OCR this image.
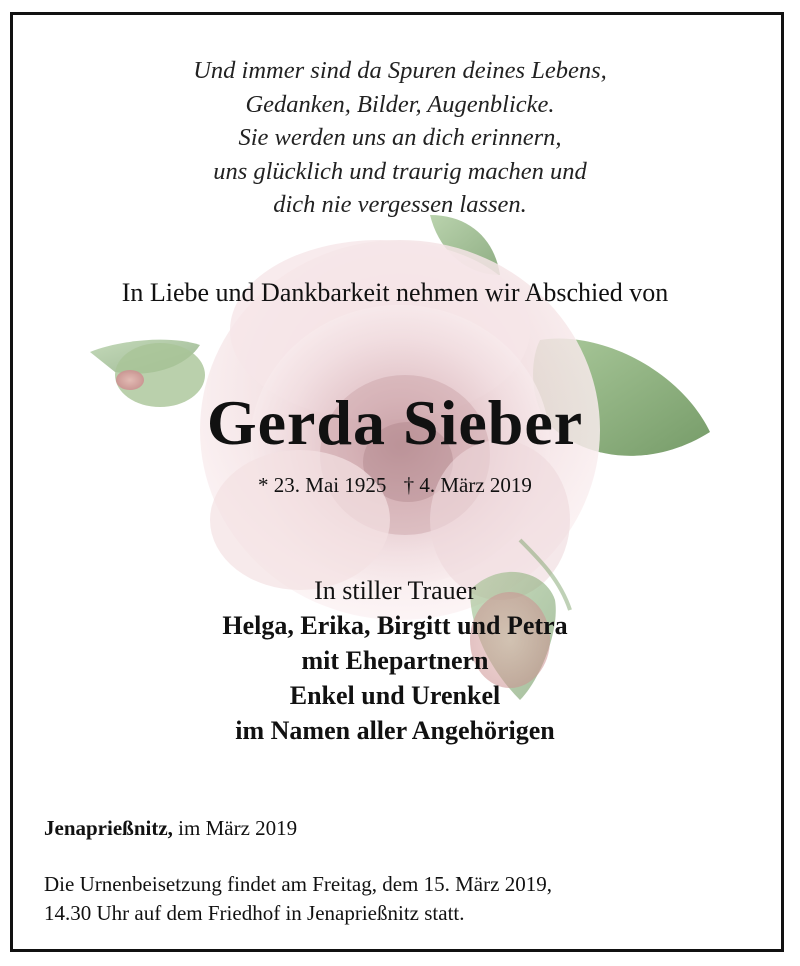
Und immer sind da Spuren deines Lebens,
Gedanken, Bilder, Augenblicke.
Sie werden uns an dich erinnern,
uns glücklich und traurig machen und
dich nie vergessen lassen.
In Liebe und Dankbarkeit nehmen wir Abschied von
Gerda Sieber
* 23. Mai 1925 † 4. März 2019
In stiller Trauer
Helga, Erika, Birgitt und Petra
mit Ehepartnern
Enkel und Urenkel
im Namen aller Angehörigen
Jenaprießnitz, im März 2019
Die Urnenbeisetzung findet am Freitag, dem 15. März 2019,
14.30 Uhr auf dem Friedhof in Jenaprießnitz statt.
